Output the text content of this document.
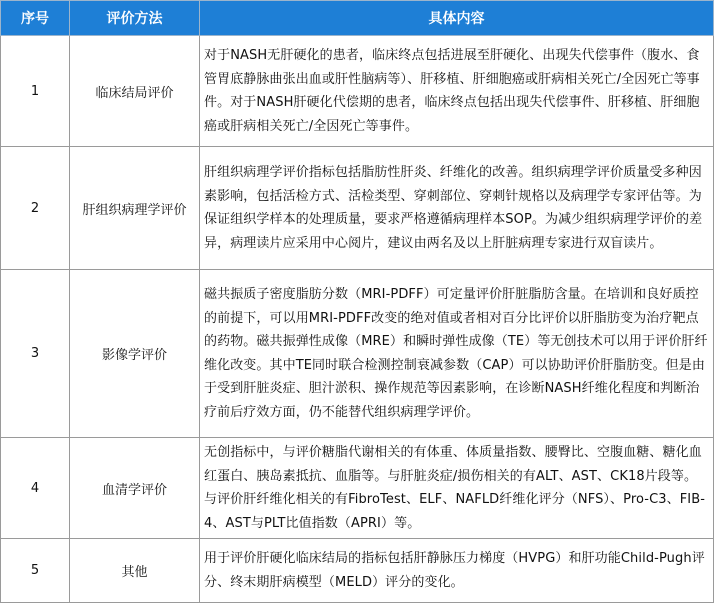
序号	评价方法	具体内容
1	临床结局评价	对于NASH无肝硬化的患者，临床终点包括进展至肝硬化、出现失代偿事件（腹水、食管胃底静脉曲张出血或肝性脑病等）、肝移植、肝细胞癌或肝病相关死亡/全因死亡等事件。对于NASH肝硬化代偿期的患者，临床终点包括出现失代偿事件、肝移植、肝细胞癌或肝病相关死亡/全因死亡等事件。
2	肝组织病理学评价	肝组织病理学评价指标包括脂肪性肝炎、纤维化的改善。组织病理学评价质量受多种因素影响，包括活检方式、活检类型、穿刺部位、穿刺针规格以及病理学专家评估等。为保证组织学样本的处理质量，要求严格遵循病理样本SOP。为减少组织病理学评价的差异，病理读片应采用中心阅片，建议由两名及以上肝脏病理专家进行双盲读片。
3	影像学评价	磁共振质子密度脂肪分数（MRI-PDFF）可定量评价肝脏脂肪含量。在培训和良好质控的前提下，可以用MRI-PDFF改变的绝对值或者相对百分比评价以肝脂肪变为治疗靶点的药物。磁共振弹性成像（MRE）和瞬时弹性成像（TE）等无创技术可以用于评价肝纤维化改变。其中TE同时联合检测控制衰减参数（CAP）可以协助评价肝脂肪变。但是由于受到肝脏炎症、胆汁淤积、操作规范等因素影响，在诊断NASH纤维化程度和判断治疗前后疗效方面，仍不能替代组织病理学评价。
4	血清学评价	无创指标中，与评价糖脂代谢相关的有体重、体质量指数、腰臀比、空腹血糖、糖化血红蛋白、胰岛素抵抗、血脂等。与肝脏炎症/损伤相关的有ALT、AST、CK18片段等。与评价肝纤维化相关的有FibroTest、ELF、NAFLD纤维化评分（NFS）、Pro-C3、FIB-4、AST与PLT比值指数（APRI）等。
5	其他	用于评价肝硬化临床结局的指标包括肝静脉压力梯度（HVPG）和肝功能Child-Pugh评分、终末期肝病模型（MELD）评分的变化。
